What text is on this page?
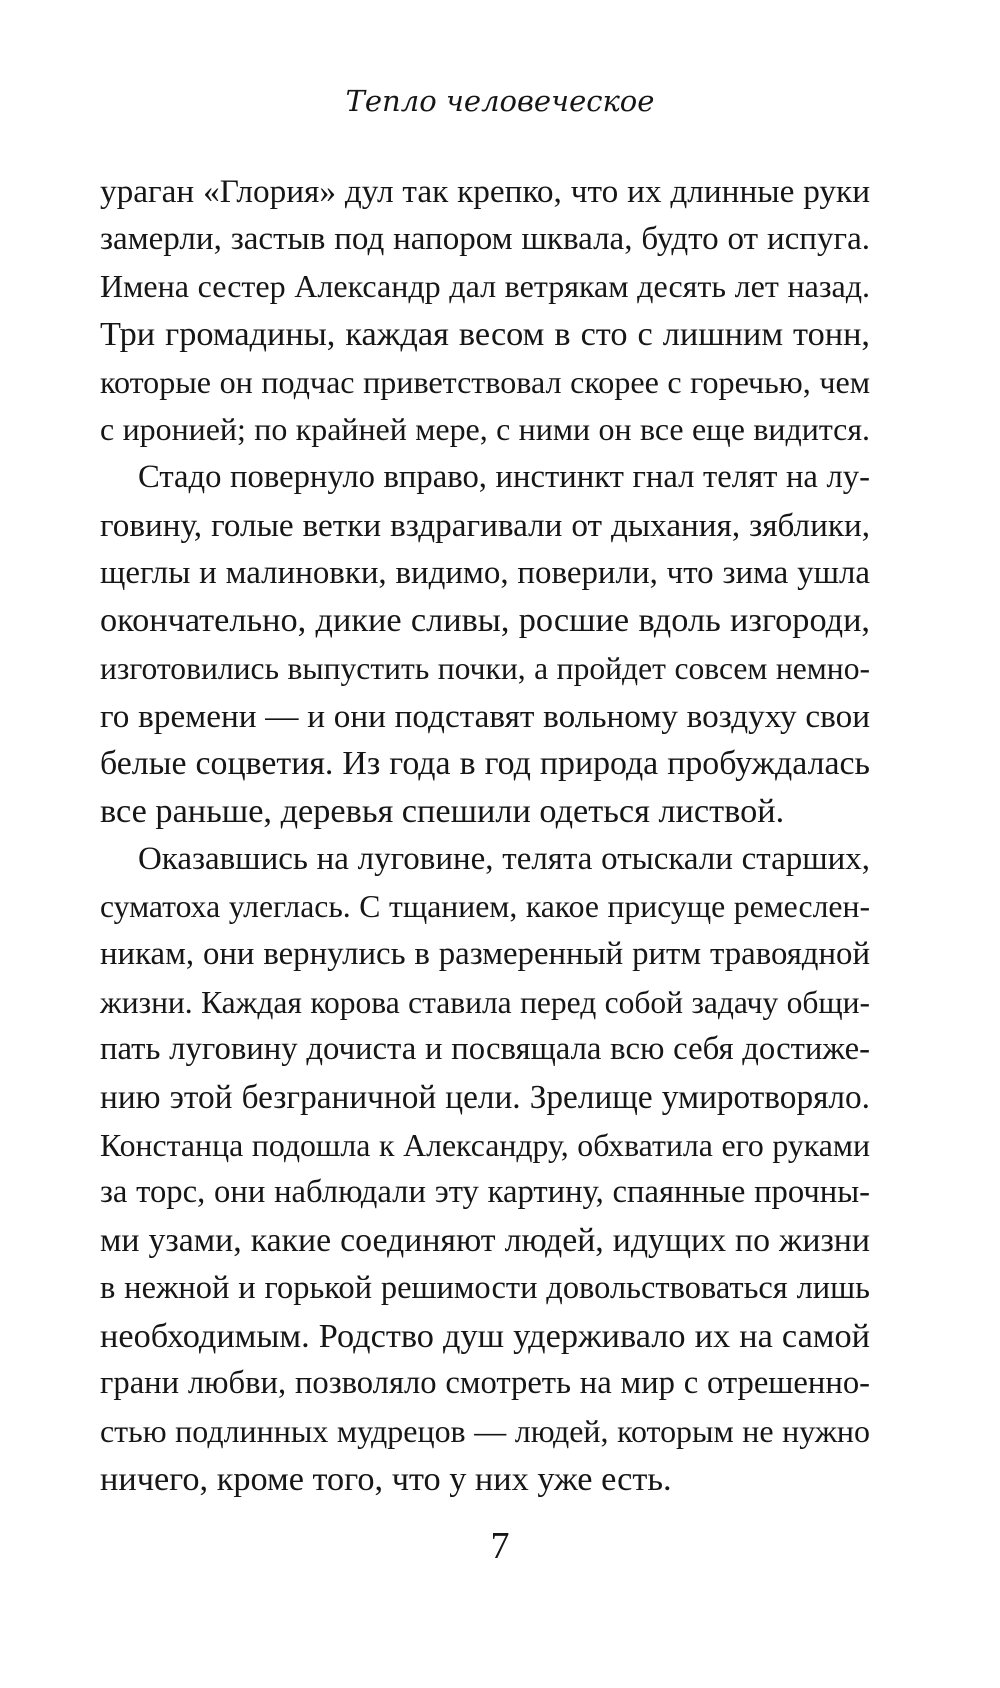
Тепло человеческое
ураган «Глория» дул так крепко, что их длинные руки
замерли, застыв под напором шквала, будто от испуга.
Имена сестер Александр дал ветрякам десять лет назад.
Три громадины, каждая весом в сто с лишним тонн,
которые он подчас приветствовал скорее с горечью, чем
с иронией; по крайней мере, с ними он все еще видится.
Стадо повернуло вправо, инстинкт гнал телят на лу-
говину, голые ветки вздрагивали от дыхания, зяблики,
щеглы и малиновки, видимо, поверили, что зима ушла
окончательно, дикие сливы, росшие вдоль изгороди,
изготовились выпустить почки, а пройдет совсем немно-
го времени — и они подставят вольному воздуху свои
белые соцветия. Из года в год природа пробуждалась
все раньше, деревья спешили одеться листвой.
Оказавшись на луговине, телята отыскали старших,
суматоха улеглась. С тщанием, какое присуще ремеслен-
никам, они вернулись в размеренный ритм травоядной
жизни. Каждая корова ставила перед собой задачу общи-
пать луговину дочиста и посвящала всю себя достиже-
нию этой безграничной цели. Зрелище умиротворяло.
Констанца подошла к Александру, обхватила его руками
за торс, они наблюдали эту картину, спаянные прочны-
ми узами, какие соединяют людей, идущих по жизни
в нежной и горькой решимости довольствоваться лишь
необходимым. Родство душ удерживало их на самой
грани любви, позволяло смотреть на мир с отрешенно-
стью подлинных мудрецов — людей, которым не нужно
ничего, кроме того, что у них уже есть.
7
